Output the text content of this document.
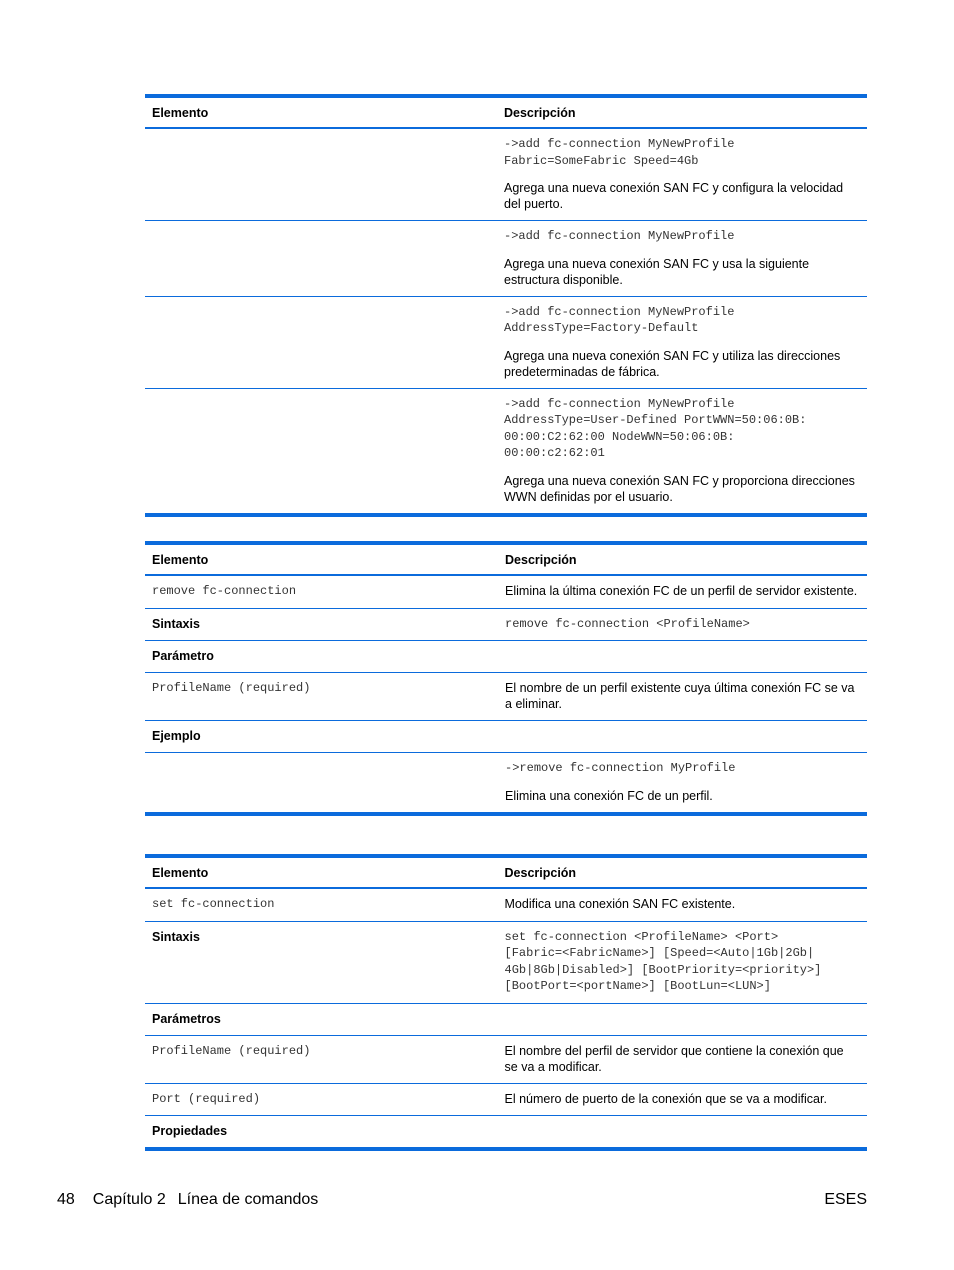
Elemento	Descripción

	->add fc-connection MyNewProfile
Fabric=SomeFabric Speed=4Gb
Agrega una nueva conexión SAN FC y configura la velocidad del puerto.

	->add fc-connection MyNewProfile
Agrega una nueva conexión SAN FC y usa la siguiente estructura disponible.

	->add fc-connection MyNewProfile
AddressType=Factory-Default
Agrega una nueva conexión SAN FC y utiliza las direcciones predeterminadas de fábrica.

	->add fc-connection MyNewProfile
AddressType=User-Defined PortWWN=50:06:0B:
00:00:C2:62:00 NodeWWN=50:06:0B:
00:00:c2:62:01
Agrega una nueva conexión SAN FC y proporciona direcciones WWN definidas por el usuario.
Elemento	Descripción

remove fc-connection	Elimina la última conexión FC de un perfil de servidor existente.
Sintaxis	remove fc-connection <ProfileName>

Parámetro	

ProfileName (required)	El nombre de un perfil existente cuya última conexión FC se va a eliminar.
Ejemplo	

	->remove fc-connection MyProfile
Elimina una conexión FC de un perfil.
Elemento	Descripción

set fc-connection	Modifica una conexión SAN FC existente.
Sintaxis	set fc-connection <ProfileName> <Port>
[Fabric=<FabricName>] [Speed=<Auto|1Gb|2Gb|
4Gb|8Gb|Disabled>] [BootPriority=<priority>]
[BootPort=<portName>] [BootLun=<LUN>]

Parámetros	

ProfileName (required)	El nombre del perfil de servidor que contiene la conexión que se va a modificar.

Port (required)	El número de puerto de la conexión que se va a modificar.
Propiedades	
48 Capítulo 2 Línea de comandos	ESES
